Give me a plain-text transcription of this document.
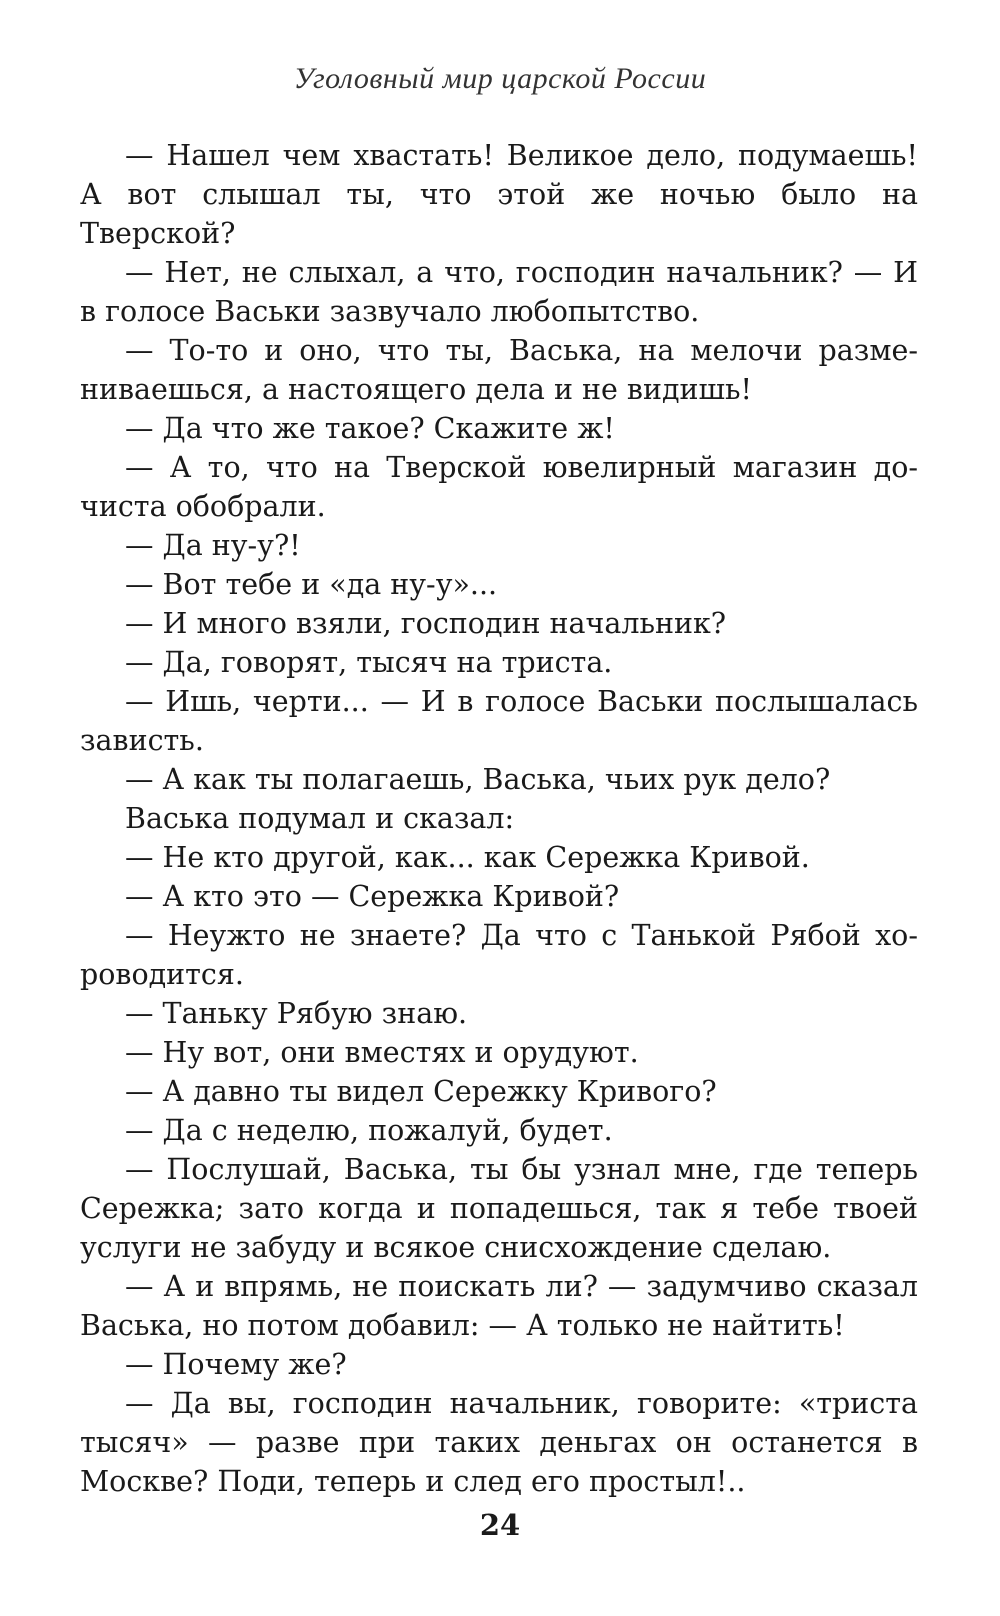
Уголовный мир царской России

— Нашел чем хвастать! Великое дело, подумаешь! А вот слышал ты, что этой же ночью было на Тверской?

— Нет, не слыхал, а что, господин начальник? — И в голосе Васьки зазвучало любопытство.

— То-то и оно, что ты, Васька, на мелочи размениваешься, а настоящего дела и не видишь!

— Да что же такое? Скажите ж!

— А то, что на Тверской ювелирный магазин дочиста обобрали.

— Да ну-у?!

— Вот тебе и «да ну-у»...

— И много взяли, господин начальник?

— Да, говорят, тысяч на триста.

— Ишь, черти... — И в голосе Васьки послышалась зависть.

— А как ты полагаешь, Васька, чьих рук дело?

Васька подумал и сказал:

— Не кто другой, как... как Сережка Кривой.

— А кто это — Сережка Кривой?

— Неужто не знаете? Да что с Танькой Рябой хороводится.

— Таньку Рябую знаю.

— Ну вот, они вместях и орудуют.

— А давно ты видел Сережку Кривого?

— Да с неделю, пожалуй, будет.

— Послушай, Васька, ты бы узнал мне, где теперь Сережка; зато когда и попадешься, так я тебе твоей услуги не забуду и всякое снисхождение сделаю.

— А и впрямь, не поискать ли? — задумчиво сказал Васька, но потом добавил: — А только не найтить!

— Почему же?

— Да вы, господин начальник, говорите: «триста тысяч» — разве при таких деньгах он останется в Москве? Поди, теперь и след его простыл!..

24
